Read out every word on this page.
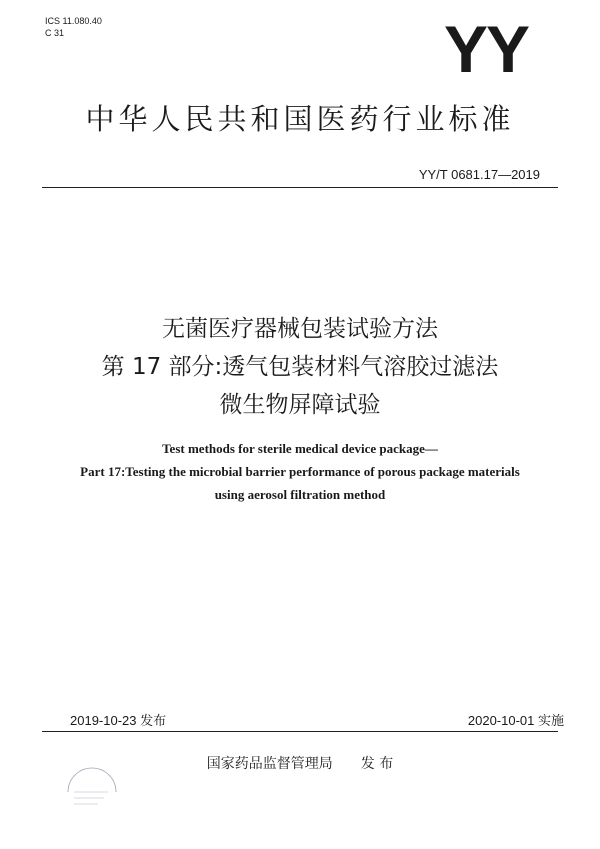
ICS 11.080.40
C 31	YY
中华人民共和国医药行业标准
YY/T 0681.17—2019
无菌医疗器械包装试验方法
第 17 部分:透气包装材料气溶胶过滤法
微生物屏障试验
Test methods for sterile medical device package—
Part 17:Testing the microbial barrier performance of porous package materials
using aerosol filtration method
2019-10-23 发布	2020-10-01 实施
国家药品监督管理局 发 布
